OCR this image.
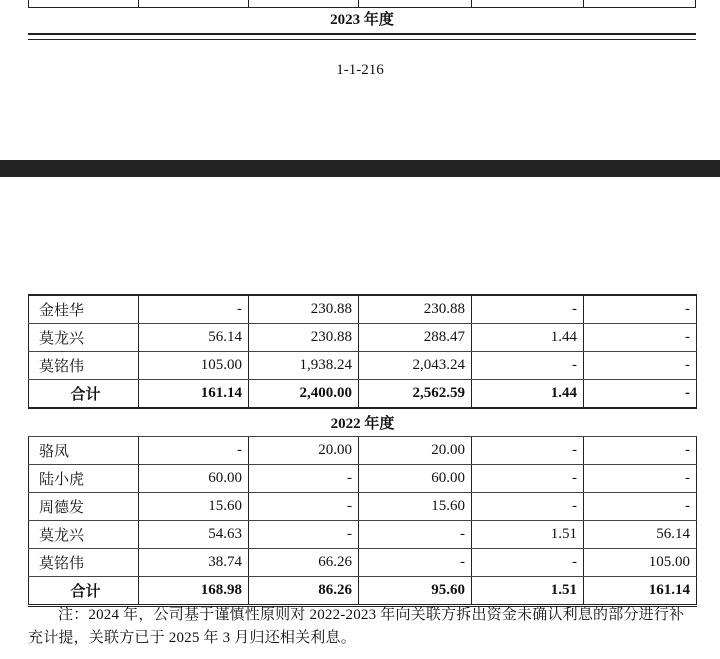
2023 年度
1-1-216
金桂华	-	230.88	230.88	-	-
莫龙兴	56.14	230.88	288.47	1.44	-
莫铭伟	105.00	1,938.24	2,043.24	-	-
合计	161.14	2,400.00	2,562.59	1.44	-
2022 年度					
骆凤	-	20.00	20.00	-	-
陆小虎	60.00	-	60.00	-	-
周德发	15.60	-	15.60	-	-
莫龙兴	54.63	-	-	1.51	56.14
莫铭伟	38.74	66.26	-	-	105.00
合计	168.98	86.26	95.60	1.51	161.14
注：2024 年，公司基于谨慎性原则对 2022-2023 年向关联方拆出资金未确认利息的部分进行补充计提，关联方已于 2025 年 3 月归还相关利息。
